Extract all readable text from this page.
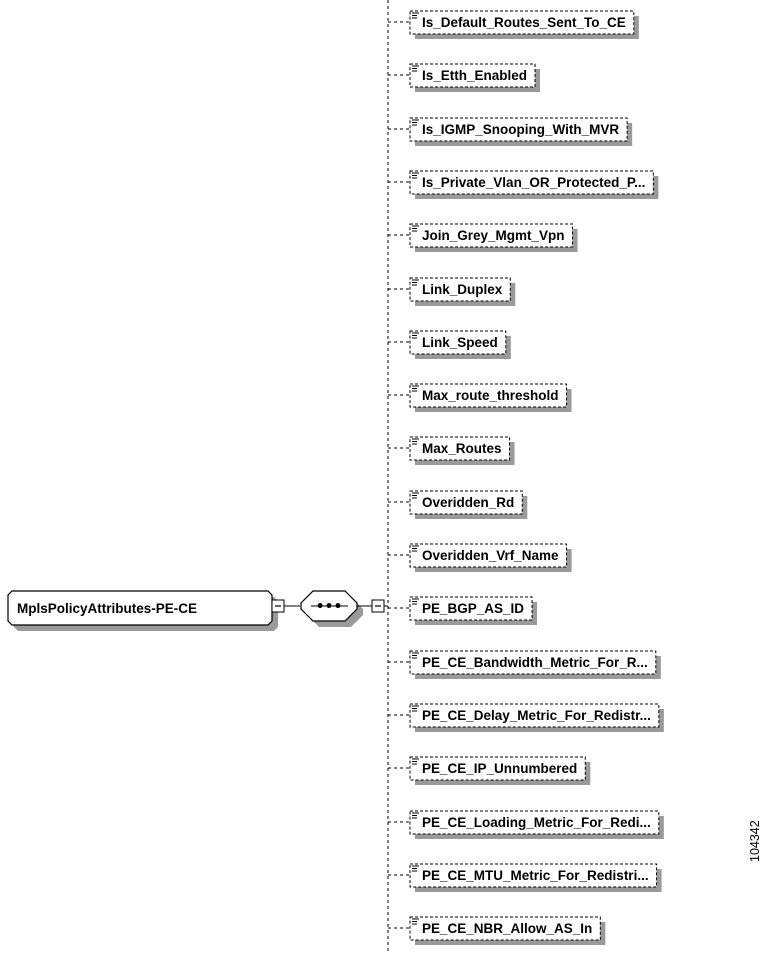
MplsPolicyAttributes-PE-CE	•••
Is_Default_Routes_Sent_To_CE
Is_Etth_Enabled
Is_IGMP_Snooping_With_MVR
Is_Private_Vlan_OR_Protected_P...
Join_Grey_Mgmt_Vpn
Link_Duplex
Link_Speed
Max_route_threshold
Max_Routes
Overidden_Rd
Overidden_Vrf_Name
PE_BGP_AS_ID
PE_CE_Bandwidth_Metric_For_R...
PE_CE_Delay_Metric_For_Redistr...
PE_CE_IP_Unnumbered
PE_CE_Loading_Metric_For_Redi...
PE_CE_MTU_Metric_For_Redistri...
PE_CE_NBR_Allow_AS_In
104342
